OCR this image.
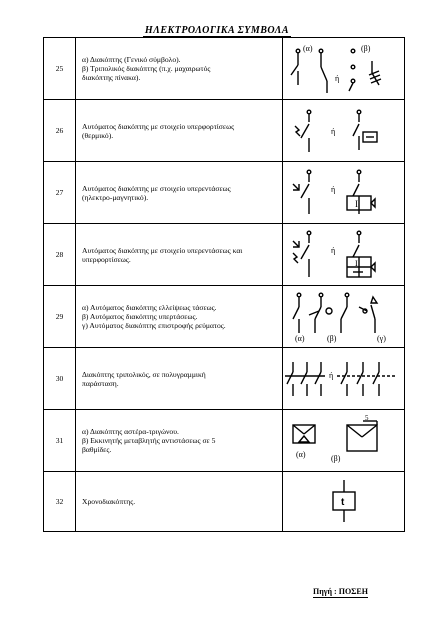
ΗΛΕΚΤΡΟΛΟΓΙΚΑ ΣΥΜΒΟΛΑ
25	α) Διακόπτης (Γενικό σύμβολο).
β) Τριπολικός διακόπτης (π.χ. μαχαιρωτός
διακόπτης πίνακα).	(α) (β)
ή

26	Αυτόματος διακόπτης με στοιχείο υπερφορτίσεως
(θερμικό).	ή

27	Αυτόματος διακόπτης με στοιχείο υπερεντάσεως
(ηλεκτρο-μαγνητικό).	ή
I

28	Αυτόματος διακόπτης με στοιχείο υπερεντάσεως και
υπερφορτίσεως.	ή
I

29	α) Αυτόματος διακόπτης ελλείψεως τάσεως.
β) Αυτόματος διακόπτης υπερτάσεως.
γ) Αυτόματος διακόπτης επιστροφής ρεύματος.	(α) (β) (γ)

30	Διακόπτης τριπολικός, σε πολυγραμμική
παράσταση.	ή

31	α) Διακόπτης αστέρα-τριγώνου.
β) Εκκινητής μεταβλητής αντιστάσεως σε 5
βαθμίδες.	(α) (β)
5

32	Χρονοδιακόπτης.	t
Πηγή : ΠΟΣΕΗ
